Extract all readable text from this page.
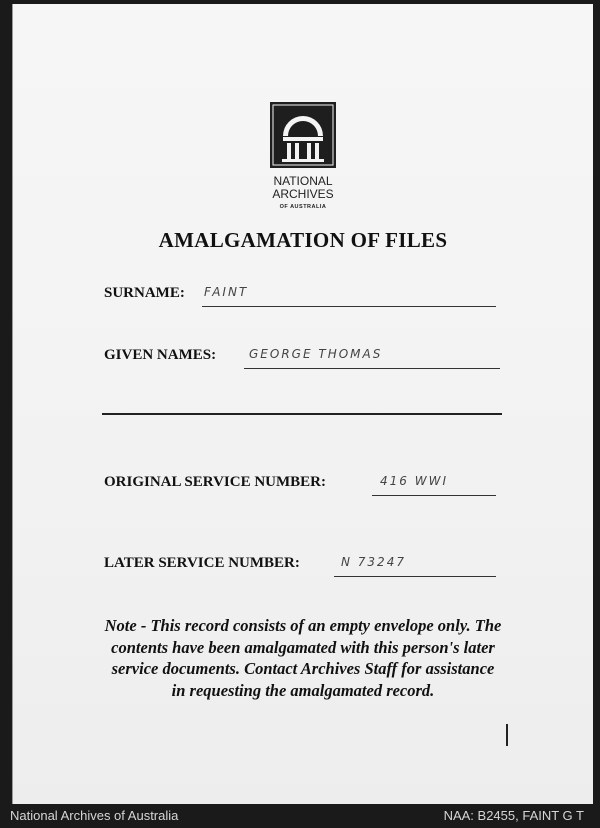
NATIONAL
ARCHIVES
OF AUSTRALIA
AMALGAMATION OF FILES
SURNAME: FAINT
GIVEN NAMES:	GEORGE THOMAS
ORIGINAL SERVICE NUMBER:	416 WWI
LATER SERVICE NUMBER:	N 73247
Note - This record consists of an empty envelope only. The contents have been amalgamated with this person's later service documents. Contact Archives Staff for assistance in requesting the amalgamated record.
National Archives of Australia	NAA: B2455, FAINT G T
